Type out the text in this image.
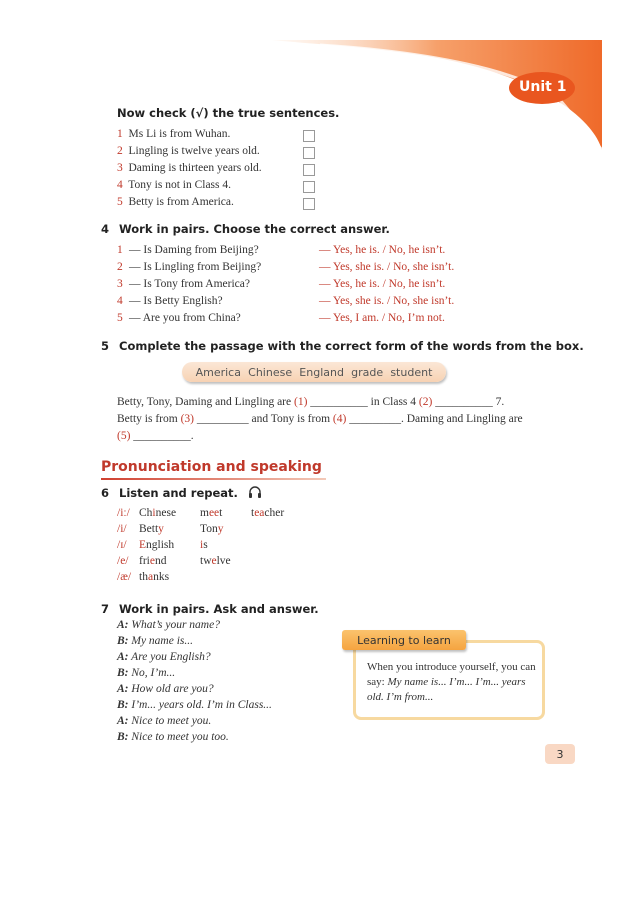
Unit 1
Now check (√) the true sentences.
1 Ms Li is from Wuhan.
2 Lingling is twelve years old.
3 Daming is thirteen years old.
4 Tony is not in Class 4.
5 Betty is from America.
4 Work in pairs. Choose the correct answer.
1 — Is Daming from Beijing?	— Yes, he is. / No, he isn’t.
2 — Is Lingling from Beijing?	— Yes, she is. / No, she isn’t.
3 — Is Tony from America?	— Yes, he is. / No, he isn’t.
4 — Is Betty English?	— Yes, she is. / No, she isn’t.
5 — Are you from China?	— Yes, I am. / No, I’m not.
5 Complete the passage with the correct form of the words from the box.
America Chinese England grade student
Betty, Tony, Daming and Lingling are (1) __________ in Class 4 (2) __________ 7.
Betty is from (3) _________ and Tony is from (4) _________. Daming and Lingling are
(5) __________.
Pronunciation and speaking
6 Listen and repeat.
/iː/ Chinese meet teacher
/i/ Betty	Tony
/ɪ/ English is
/e/ friend	twelve
/æ/ thanks
7 Work in pairs. Ask and answer.
A: What’s your name?
B: My name is...
A: Are you English?
B: No, I’m...
A: How old are you?
B: I’m... years old. I’m in Class...
A: Nice to meet you.
B: Nice to meet you too.
Learning to learn
When you introduce yourself, you can say: My name is... I’m... I’m... years old. I’m from...
3
